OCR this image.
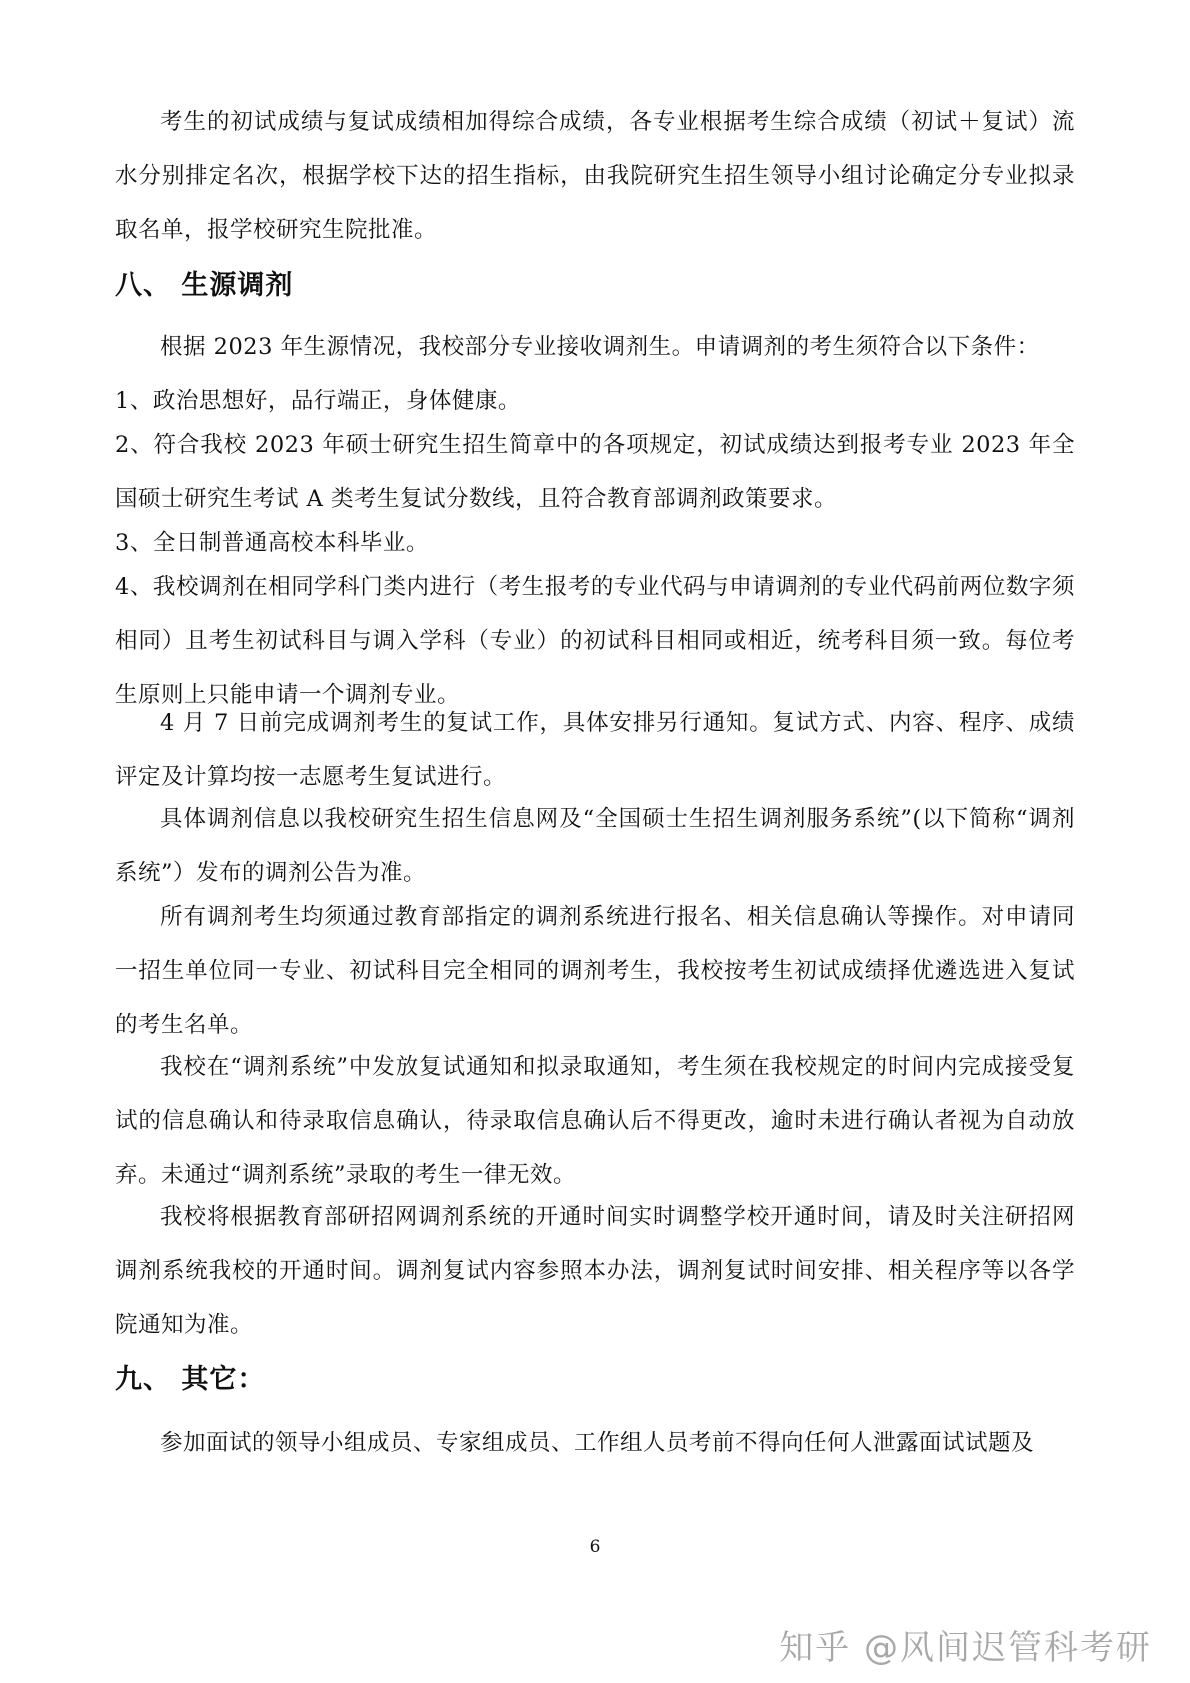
考生的初试成绩与复试成绩相加得综合成绩，各专业根据考生综合成绩（初试＋复试）流水分别排定名次，根据学校下达的招生指标，由我院研究生招生领导小组讨论确定分专业拟录取名单，报学校研究生院批准。

八、 生源调剂

根据 2023 年生源情况，我校部分专业接收调剂生。申请调剂的考生须符合以下条件：

1、政治思想好，品行端正，身体健康。

2、符合我校 2023 年硕士研究生招生简章中的各项规定，初试成绩达到报考专业 2023 年全国硕士研究生考试 A 类考生复试分数线，且符合教育部调剂政策要求。

3、全日制普通高校本科毕业。

4、我校调剂在相同学科门类内进行（考生报考的专业代码与申请调剂的专业代码前两位数字须相同）且考生初试科目与调入学科（专业）的初试科目相同或相近，统考科目须一致。每位考生原则上只能申请一个调剂专业。

4 月 7 日前完成调剂考生的复试工作，具体安排另行通知。复试方式、内容、程序、成绩评定及计算均按一志愿考生复试进行。

具体调剂信息以我校研究生招生信息网及“全国硕士生招生调剂服务系统”(以下简称“调剂系统”）发布的调剂公告为准。

所有调剂考生均须通过教育部指定的调剂系统进行报名、相关信息确认等操作。对申请同一招生单位同一专业、初试科目完全相同的调剂考生，我校按考生初试成绩择优遴选进入复试的考生名单。

我校在“调剂系统”中发放复试通知和拟录取通知，考生须在我校规定的时间内完成接受复试的信息确认和待录取信息确认，待录取信息确认后不得更改，逾时未进行确认者视为自动放弃。未通过“调剂系统”录取的考生一律无效。

我校将根据教育部研招网调剂系统的开通时间实时调整学校开通时间，请及时关注研招网调剂系统我校的开通时间。调剂复试内容参照本办法，调剂复试时间安排、相关程序等以各学院通知为准。

九、 其它：

参加面试的领导小组成员、专家组成员、工作组人员考前不得向任何人泄露面试试题及

6
知乎 @风间迟管科考研
